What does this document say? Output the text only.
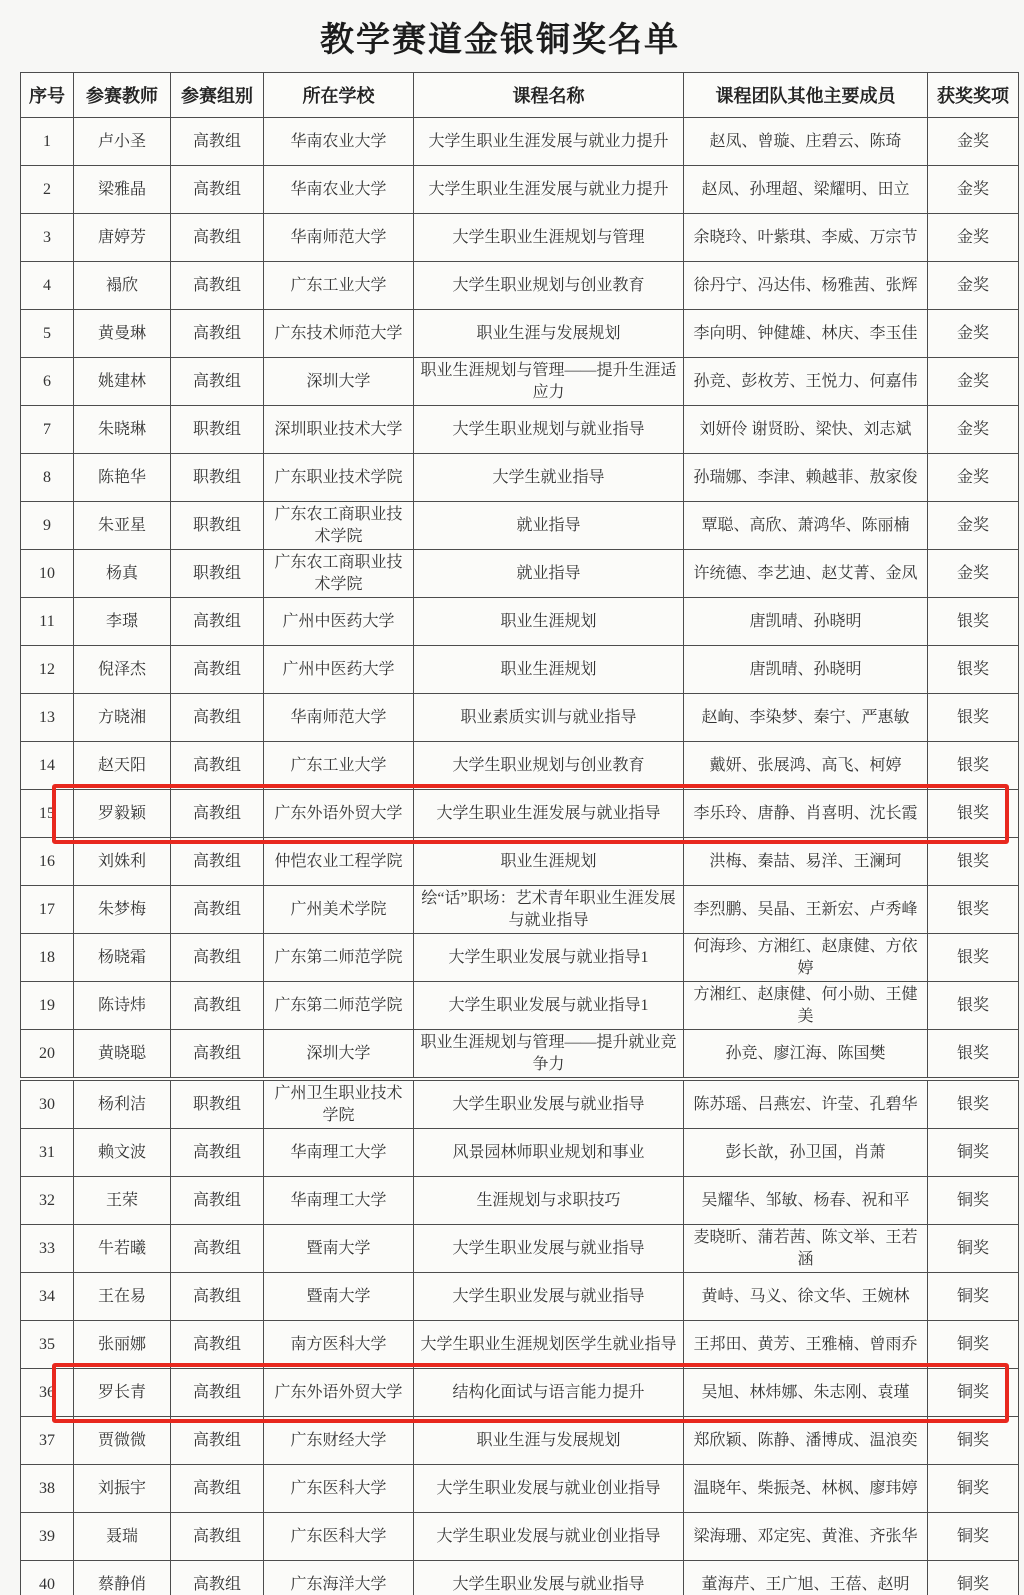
教学赛道金银铜奖名单
序号	参赛教师	参赛组别	所在学校	课程名称	课程团队其他主要成员	获奖奖项
1	卢小圣	高教组	华南农业大学	大学生职业生涯发展与就业力提升	赵凤、曾璇、庄碧云、陈琦	金奖
2	梁雅晶	高教组	华南农业大学	大学生职业生涯发展与就业力提升	赵凤、孙理超、梁耀明、田立	金奖
3	唐婷芳	高教组	华南师范大学	大学生职业生涯规划与管理	余晓玲、叶紫琪、李威、万宗节	金奖
4	褟欣	高教组	广东工业大学	大学生职业规划与创业教育	徐丹宁、冯达伟、杨雅茜、张辉	金奖
5	黄曼琳	高教组	广东技术师范大学	职业生涯与发展规划	李向明、钟健雄、林庆、李玉佳	金奖
6	姚建林	高教组	深圳大学	职业生涯规划与管理——提升生涯适应力	孙竞、彭枚芳、王悦力、何嘉伟	金奖
7	朱晓琳	职教组	深圳职业技术大学	大学生职业规划与就业指导	刘妍伶 谢贤盼、梁快、刘志斌	金奖
8	陈艳华	职教组	广东职业技术学院	大学生就业指导	孙瑞娜、李津、赖越菲、敖家俊	金奖
9	朱亚星	职教组	广东农工商职业技术学院	就业指导	覃聪、高欣、萧鸿华、陈丽楠	金奖
10	杨真	职教组	广东农工商职业技术学院	就业指导	许统德、李艺迪、赵艾菁、金凤	金奖
11	李璟	高教组	广州中医药大学	职业生涯规划	唐凯晴、孙晓明	银奖
12	倪泽杰	高教组	广州中医药大学	职业生涯规划	唐凯晴、孙晓明	银奖
13	方晓湘	高教组	华南师范大学	职业素质实训与就业指导	赵峋、李染梦、秦宁、严惠敏	银奖
14	赵天阳	高教组	广东工业大学	大学生职业规划与创业教育	戴妍、张展鸿、高飞、柯婷	银奖
15	罗毅颖	高教组	广东外语外贸大学	大学生职业生涯发展与就业指导	李乐玲、唐静、肖喜明、沈长霞	银奖
16	刘姝利	高教组	仲恺农业工程学院	职业生涯规划	洪梅、秦喆、易洋、王澜珂	银奖
17	朱梦梅	高教组	广州美术学院	绘“话”职场：艺术青年职业生涯发展与就业指导	李烈鹏、吴晶、王新宏、卢秀峰	银奖
18	杨晓霜	高教组	广东第二师范学院	大学生职业发展与就业指导1	何海珍、方湘红、赵康健、方依婷	银奖
19	陈诗炜	高教组	广东第二师范学院	大学生职业发展与就业指导1	方湘红、赵康健、何小勋、王健美	银奖
20	黄晓聪	高教组	深圳大学	职业生涯规划与管理——提升就业竞争力	孙竞、廖江海、陈国樊	银奖
30	杨利洁	职教组	广州卫生职业技术学院	大学生职业发展与就业指导	陈苏瑶、吕燕宏、许莹、孔碧华	银奖
31	赖文波	高教组	华南理工大学	风景园林师职业规划和事业	彭长歆，孙卫国，肖萧	铜奖
32	王荣	高教组	华南理工大学	生涯规划与求职技巧	吴耀华、邹敏、杨春、祝和平	铜奖
33	牛若曦	高教组	暨南大学	大学生职业发展与就业指导	麦晓昕、蒲若茜、陈文举、王若涵	铜奖
34	王在易	高教组	暨南大学	大学生职业发展与就业指导	黄峙、马义、徐文华、王婉林	铜奖
35	张丽娜	高教组	南方医科大学	大学生职业生涯规划医学生就业指导	王邦田、黄芳、王雅楠、曾雨乔	铜奖
36	罗长青	高教组	广东外语外贸大学	结构化面试与语言能力提升	吴旭、林炜娜、朱志刚、袁瑾	铜奖
37	贾微微	高教组	广东财经大学	职业生涯与发展规划	郑欣颖、陈静、潘博成、温浪奕	铜奖
38	刘振宇	高教组	广东医科大学	大学生职业发展与就业创业指导	温晓年、柴振尧、林枫、廖玮婷	铜奖
39	聂瑞	高教组	广东医科大学	大学生职业发展与就业创业指导	梁海珊、邓定宪、黄淮、齐张华	铜奖
40	蔡静俏	高教组	广东海洋大学	大学生职业发展与就业指导	董海芹、王广旭、王蓓、赵明	铜奖
